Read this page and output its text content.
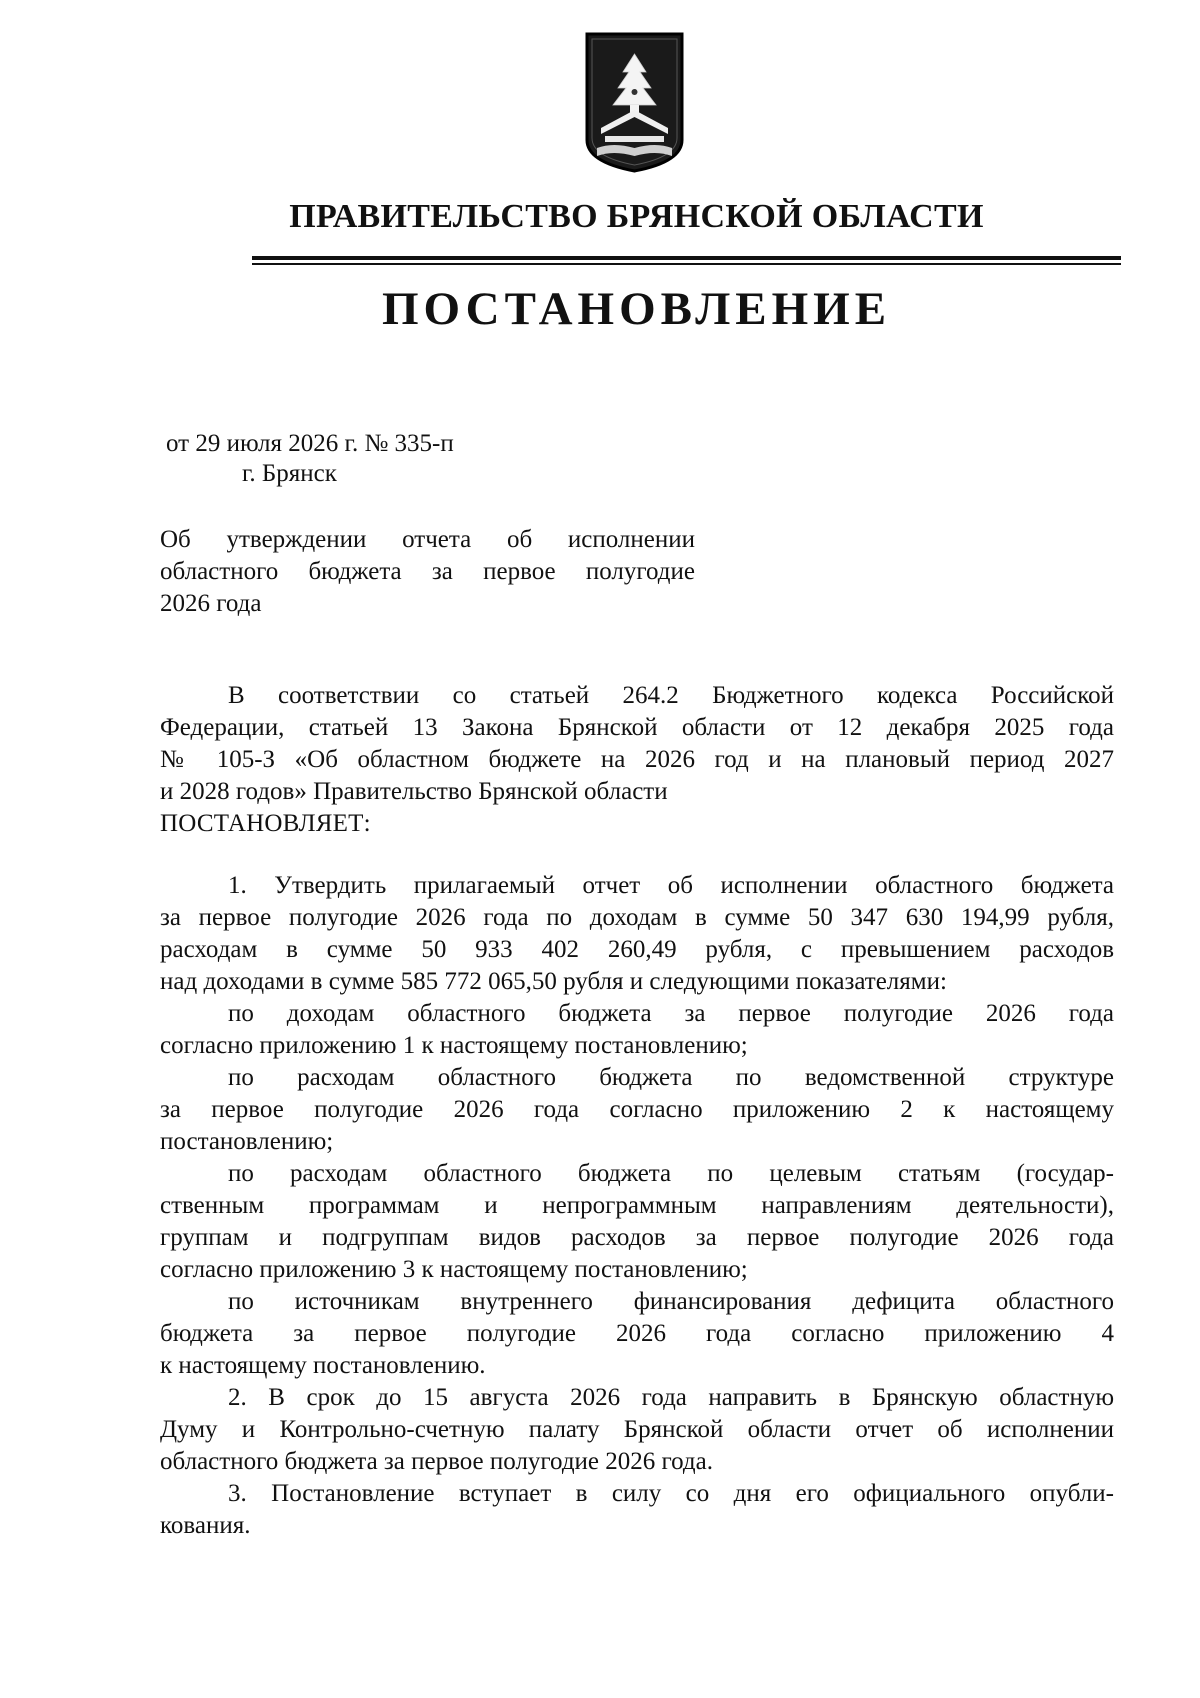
ПРАВИТЕЛЬСТВО БРЯНСКОЙ ОБЛАСТИ
ПОСТАНОВЛЕНИЕ
от 29 июля 2026 г. № 335-п
г. Брянск
Об утверждении отчета об исполнении
областного бюджета за первое полугодие
2026 года
В соответствии со статьей 264.2 Бюджетного кодекса Российской
Федерации, статьей 13 Закона Брянской области от 12 декабря 2025 года
№ 105-З «Об областном бюджете на 2026 год и на плановый период 2027
и 2028 годов» Правительство Брянской области
ПОСТАНОВЛЯЕТ:
1. Утвердить прилагаемый отчет об исполнении областного бюджета
за первое полугодие 2026 года по доходам в сумме 50 347 630 194,99 рубля,
расходам в сумме 50 933 402 260,49 рубля, с превышением расходов
над доходами в сумме 585 772 065,50 рубля и следующими показателями:
по доходам областного бюджета за первое полугодие 2026 года
согласно приложению 1 к настоящему постановлению;
по расходам областного бюджета по ведомственной структуре
за первое полугодие 2026 года согласно приложению 2 к настоящему
постановлению;
по расходам областного бюджета по целевым статьям (государ-
ственным программам и непрограммным направлениям деятельности),
группам и подгруппам видов расходов за первое полугодие 2026 года
согласно приложению 3 к настоящему постановлению;
по источникам внутреннего финансирования дефицита областного
бюджета за первое полугодие 2026 года согласно приложению 4
к настоящему постановлению.
2. В срок до 15 августа 2026 года направить в Брянскую областную
Думу и Контрольно-счетную палату Брянской области отчет об исполнении
областного бюджета за первое полугодие 2026 года.
3. Постановление вступает в силу со дня его официального опубли-
кования.
